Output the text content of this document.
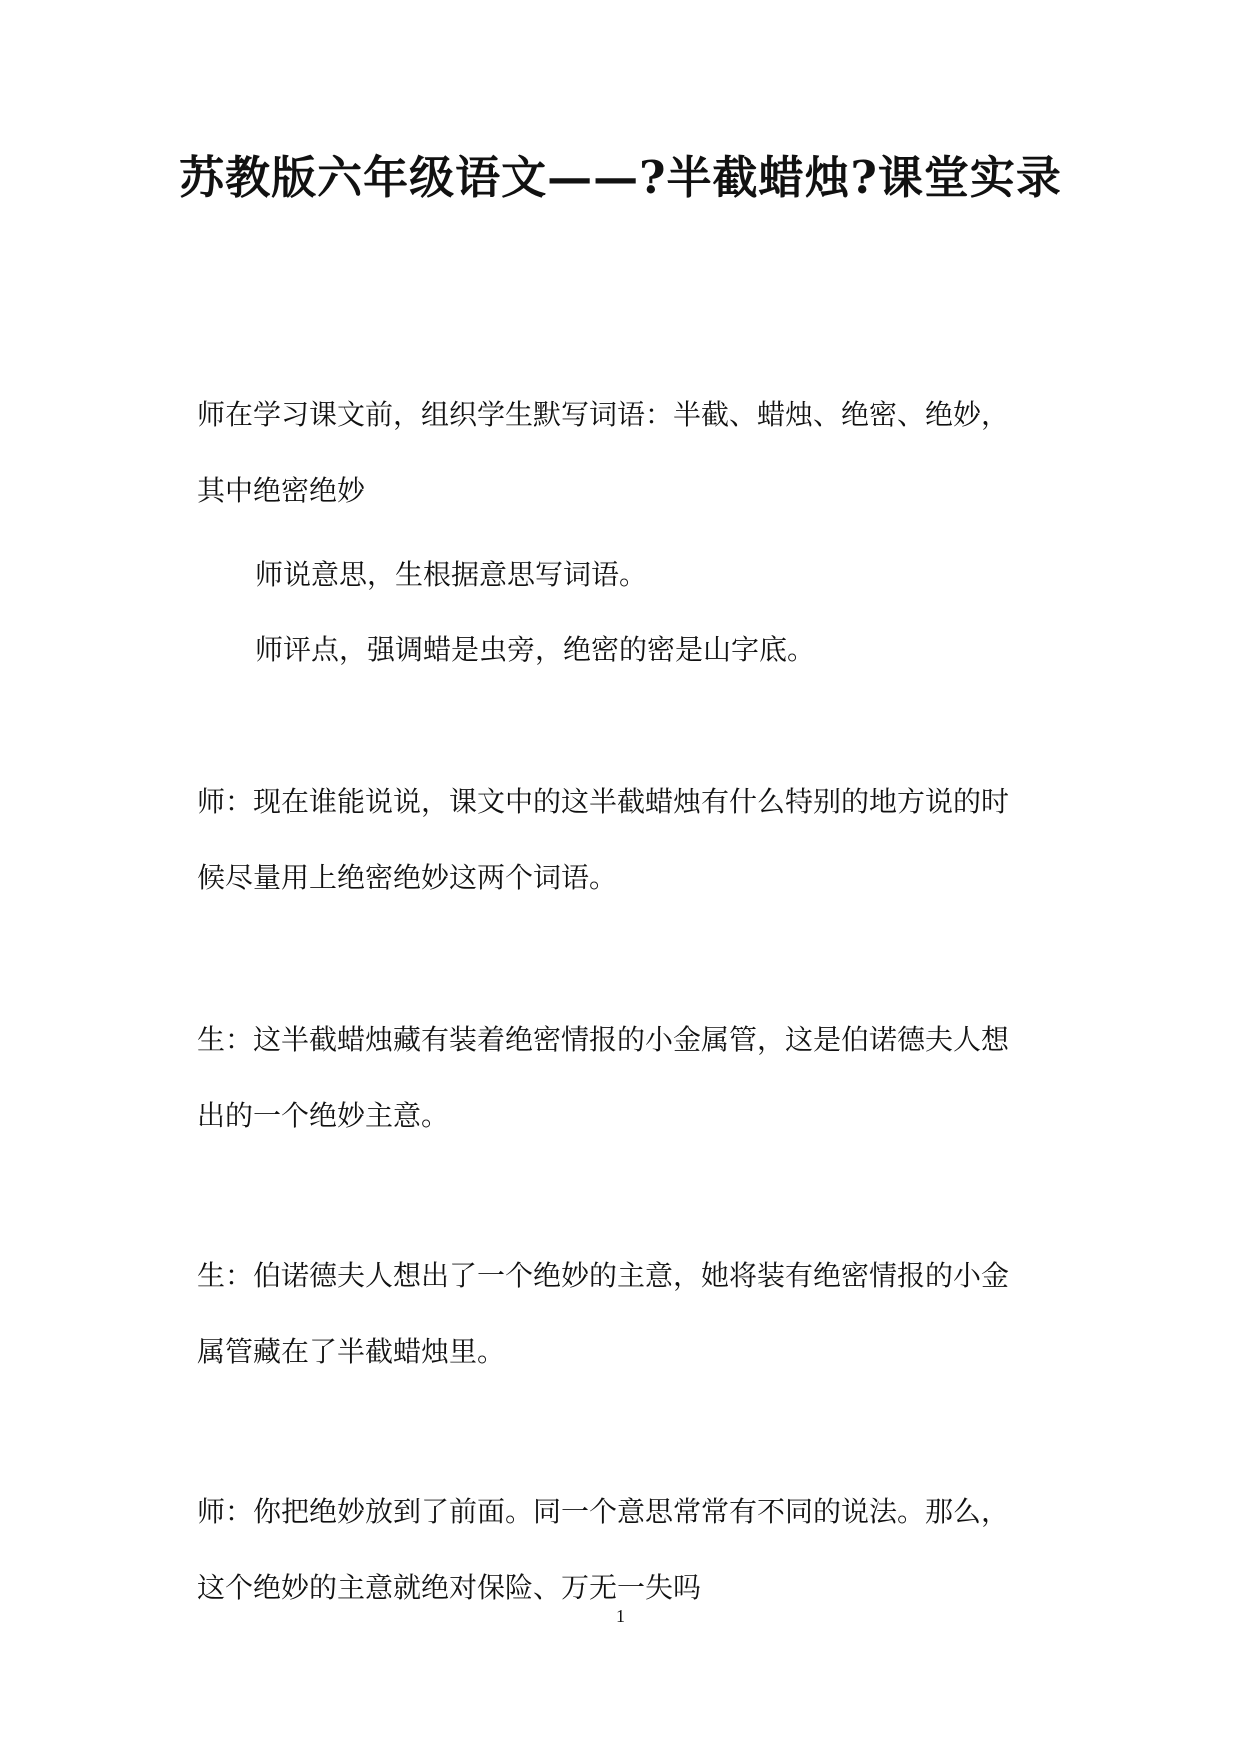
苏教版六年级语文——?半截蜡烛?课堂实录
师在学习课文前，组织学生默写词语：半截、蜡烛、绝密、绝妙，
其中绝密绝妙
师说意思，生根据意思写词语。
师评点，强调蜡是虫旁，绝密的密是山字底。
师：现在谁能说说，课文中的这半截蜡烛有什么特别的地方说的时
候尽量用上绝密绝妙这两个词语。
生：这半截蜡烛藏有装着绝密情报的小金属管，这是伯诺德夫人想
出的一个绝妙主意。
生：伯诺德夫人想出了一个绝妙的主意，她将装有绝密情报的小金
属管藏在了半截蜡烛里。
师：你把绝妙放到了前面。同一个意思常常有不同的说法。那么，
这个绝妙的主意就绝对保险、万无一失吗
1
